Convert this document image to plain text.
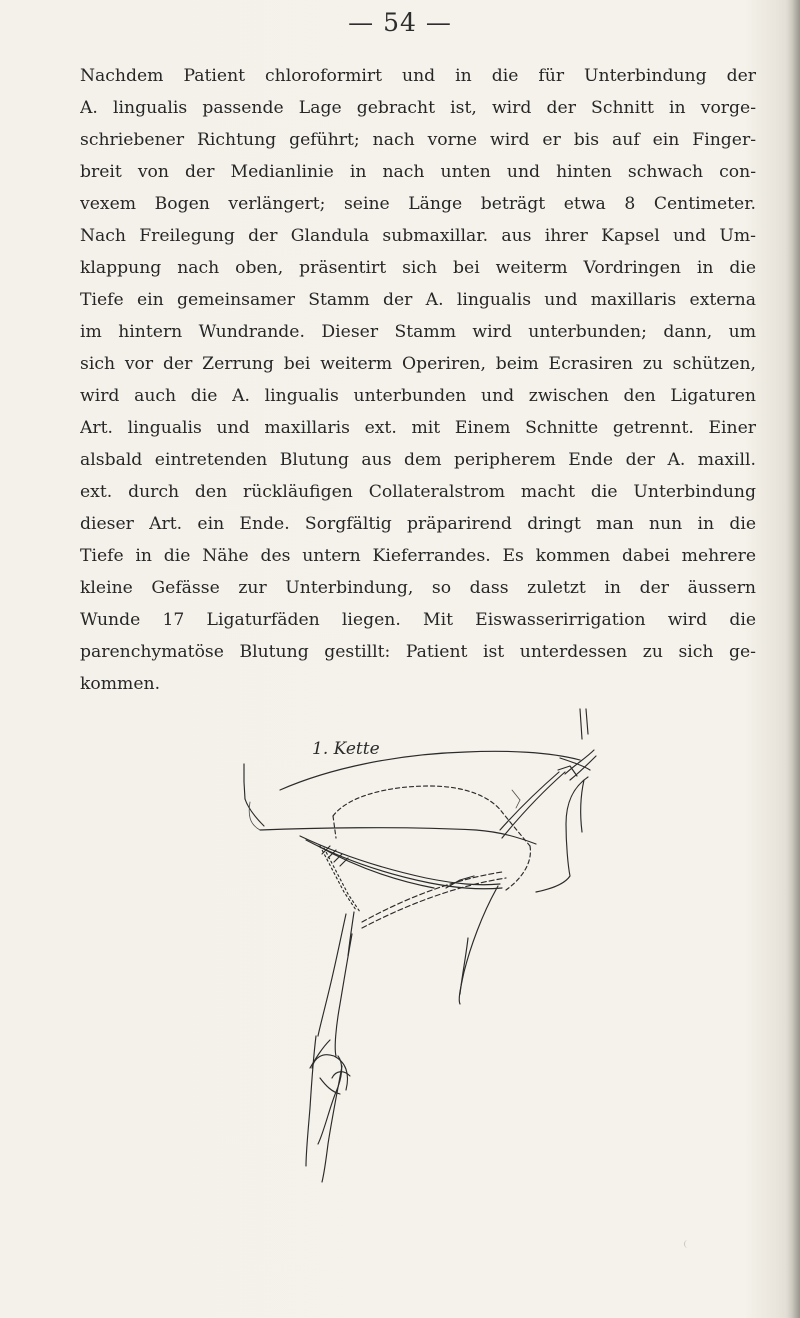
— 54 —
Nachdem Patient chloroformirt und in die für Unterbindung der
A. lingualis passende Lage gebracht ist, wird der Schnitt in vorge-
schriebener Richtung geführt; nach vorne wird er bis auf ein Finger-
breit von der Medianlinie in nach unten und hinten schwach con-
vexem Bogen verlängert; seine Länge beträgt etwa 8 Centimeter.
Nach Freilegung der Glandula submaxillar. aus ihrer Kapsel und Um-
klappung nach oben, präsentirt sich bei weiterm Vordringen in die
Tiefe ein gemeinsamer Stamm der A. lingualis und maxillaris externa
im hintern Wundrande. Dieser Stamm wird unterbunden; dann, um
sich vor der Zerrung bei weiterm Operiren, beim Ecrasiren zu schützen,
wird auch die A. lingualis unterbunden und zwischen den Ligaturen
Art. lingualis und maxillaris ext. mit Einem Schnitte getrennt. Einer
alsbald eintretenden Blutung aus dem peripherem Ende der A. maxill.
ext. durch den rückläufigen Collateralstrom macht die Unterbindung
dieser Art. ein Ende. Sorgfältig präparirend dringt man nun in die
Tiefe in die Nähe des untern Kieferrandes. Es kommen dabei mehrere
kleine Gefässe zur Unterbindung, so dass zuletzt in der äussern
Wunde 17 Ligaturfäden liegen. Mit Eiswasserirrigation wird die
parenchymatöse Blutung gestillt: Patient ist unterdessen zu sich ge-
kommen.
1. Kette
